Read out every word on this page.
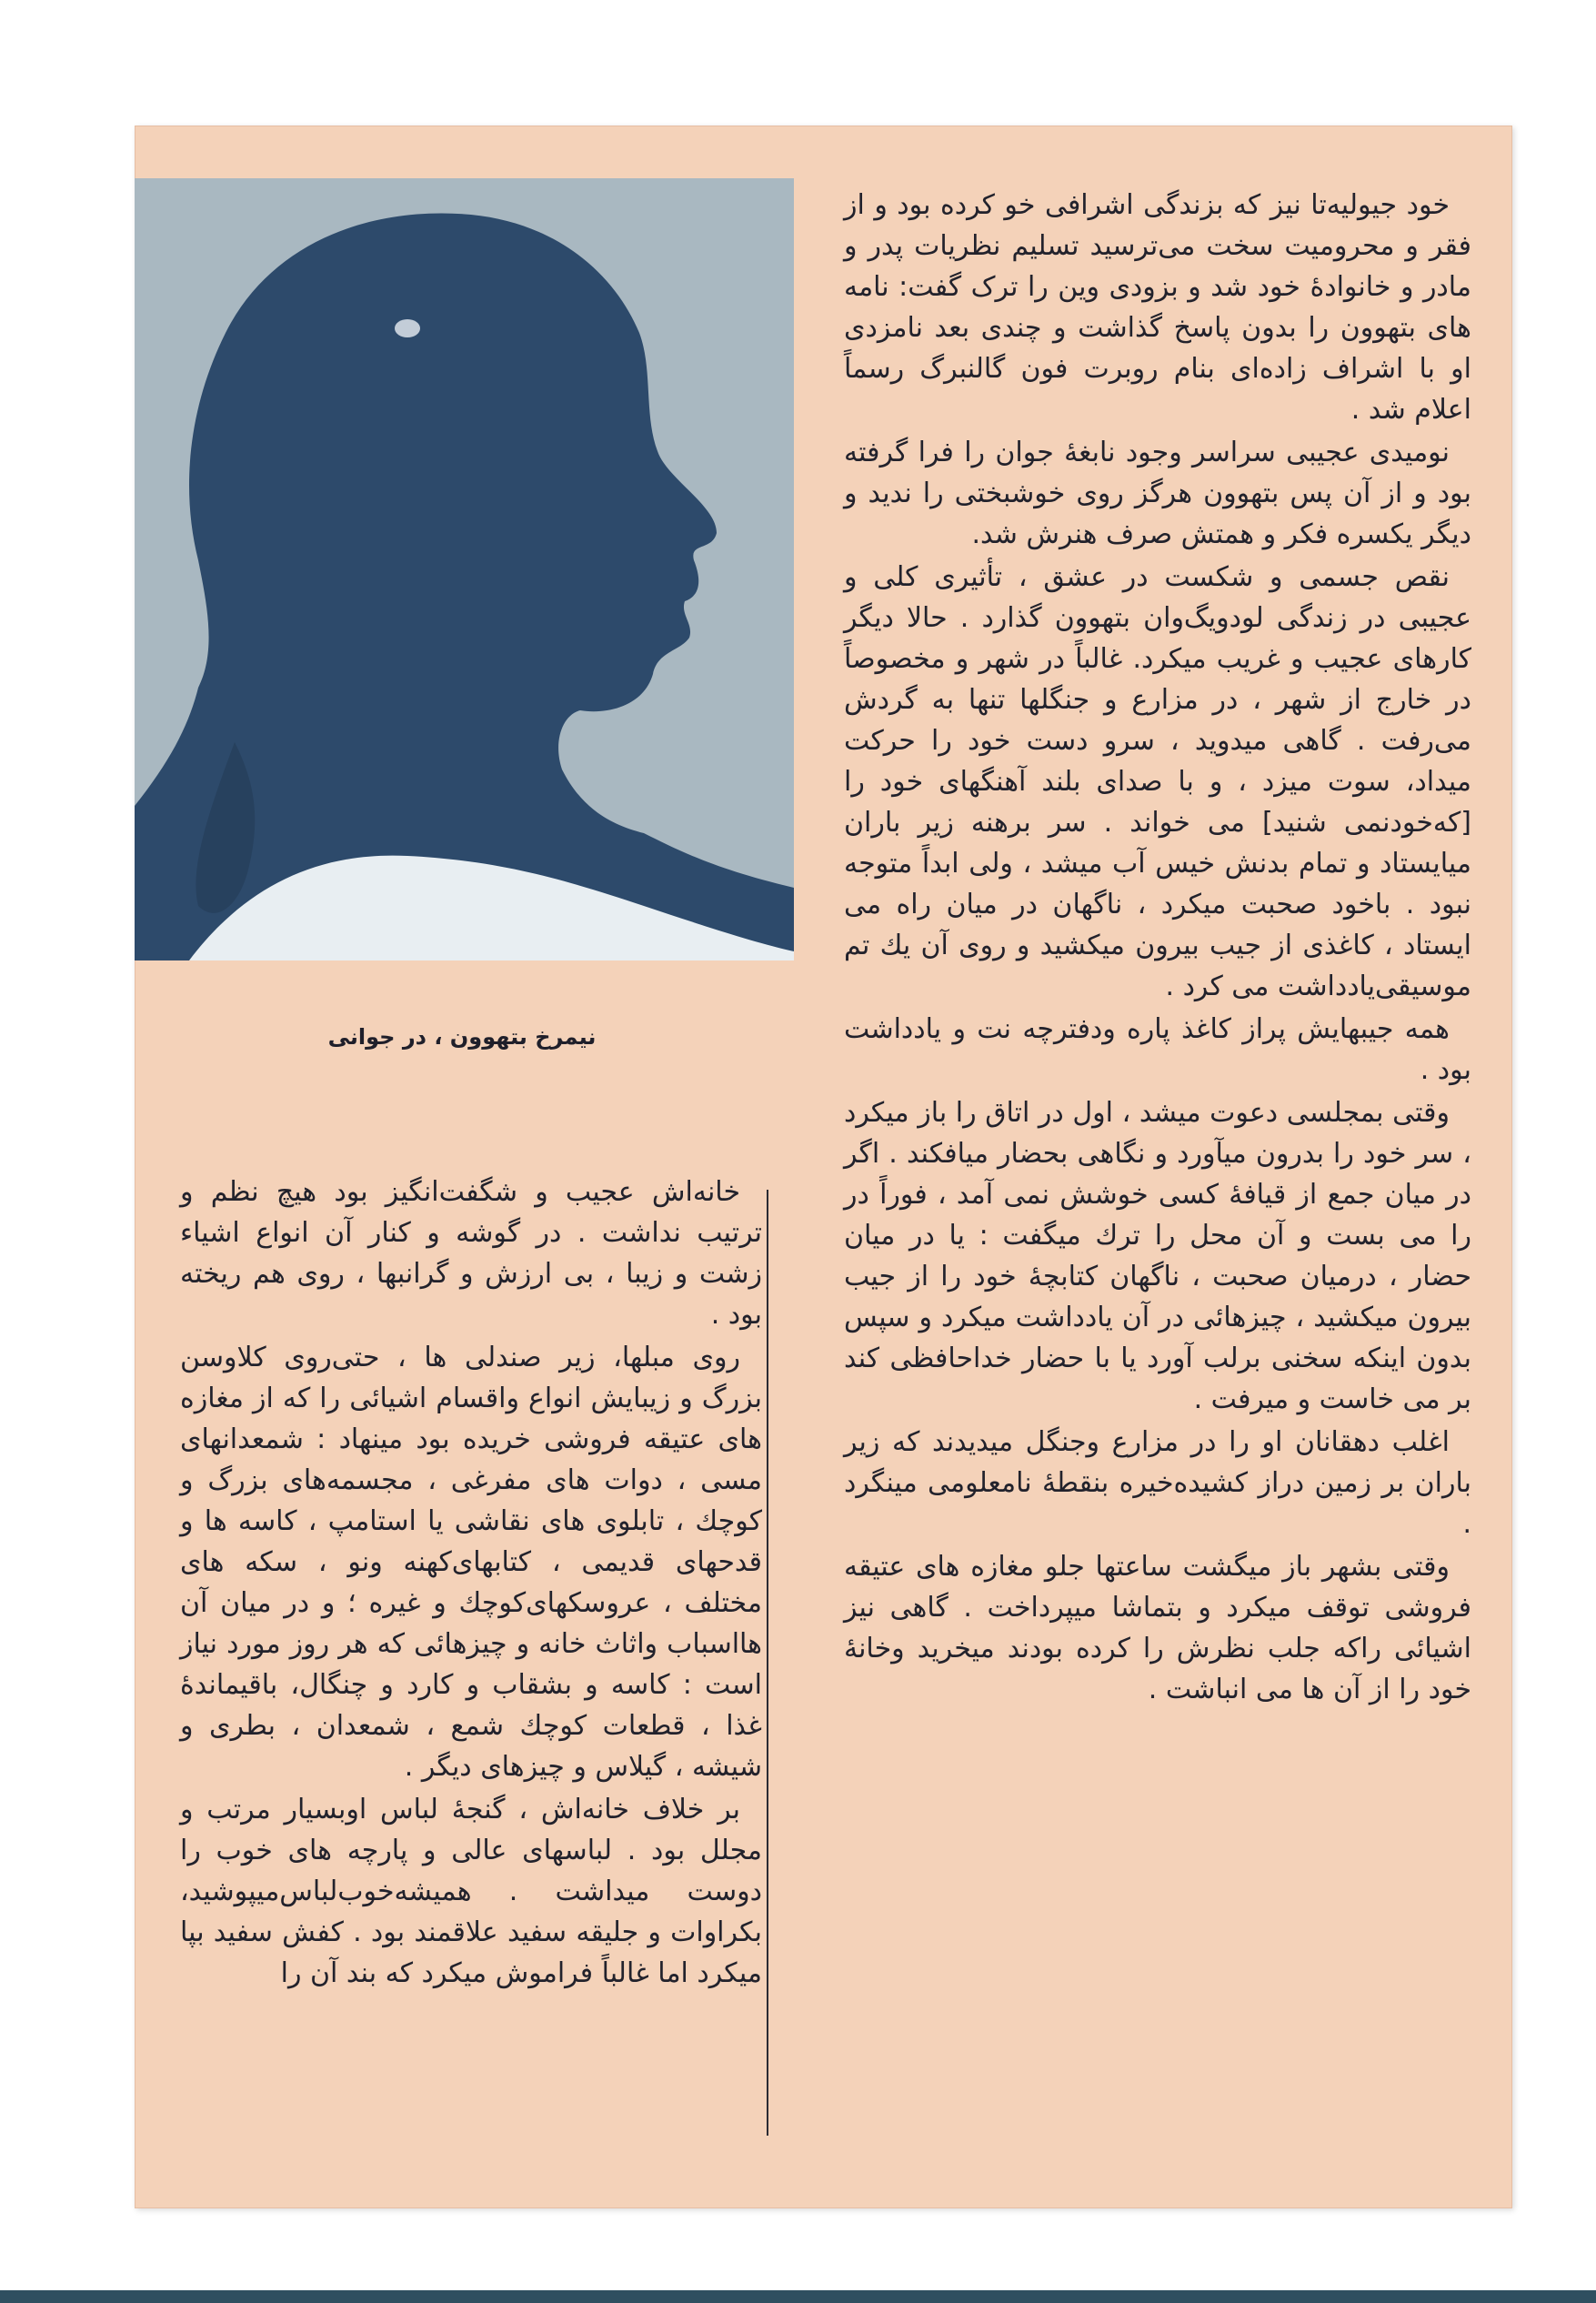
نیمرخ بتهوون ، در جوانی

خود جیولیه‌تا نیز که بزندگی اشرافی خو کرده بود و از فقر و محرومیت سخت می‌ترسید تسلیم نظریات پدر و مادر و خانوادهٔ خود شد و بزودی وین را ترک گفت: نامه های بتهوون را بدون پاسخ گذاشت و چندی بعد نامزدی او با اشراف زاده‌ای بنام روبرت فون گالنبرگ رسماً اعلام شد .

نومیدی عجیبی سراسر وجود نابغهٔ جوان را فرا گرفته بود و از آن پس بتهوون هرگز روی خوشبختی را ندید و دیگر یکسره فکر و همتش صرف هنرش شد.

نقص جسمی و شکست در عشق ، تأثیری کلی و عجیبی در زندگی لودویگ‌وان بتهوون گذارد . حالا دیگر کارهای عجیب و غریب میکرد. غالباً در شهر و مخصوصاً در خارج از شهر ، در مزارع و جنگلها تنها به گردش می‌رفت . گاهی میدوید ، سرو دست خود را حرکت میداد، سوت میزد ، و با صدای بلند آهنگهای خود را [که‌خودنمی شنید] می خواند . سر برهنه زیر باران میایستاد و تمام بدنش خیس آب میشد ، ولی ابداً متوجه نبود . باخود صحبت میکرد ، ناگهان در میان راه می ایستاد ، کاغذی از جیب بیرون میکشید و روی آن یك تم موسیقی‌یادداشت می کرد .

همه جیبهایش پراز کاغذ پاره ودفترچه نت و یادداشت بود .

وقتی بمجلسی دعوت میشد ، اول در اتاق را باز میکرد ، سر خود را بدرون میآورد و نگاهی بحضار میافکند . اگر در میان جمع از قیافهٔ کسی خوشش نمی آمد ، فوراً در را می بست و آن محل را ترك میگفت : یا در میان حضار ، درمیان صحبت ، ناگهان کتابچهٔ خود را از جیب بیرون میکشید ، چیزهائی در آن یادداشت میکرد و سپس بدون اینکه سخنی برلب آورد یا با حضار خداحافظی کند بر می خاست و میرفت .

اغلب دهقانان او را در مزارع وجنگل میدیدند که زیر باران بر زمین دراز کشیده‌خیره بنقطهٔ نامعلومی مینگرد .

وقتی بشهر باز میگشت ساعتها جلو مغازه های عتیقه فروشی توقف میکرد و بتماشا میپرداخت . گاهی نیز اشیائی راکه جلب نظرش را کرده بودند میخرید وخانهٔ خود را از آن ها می انباشت .

خانه‌اش عجیب و شگفت‌انگیز بود هیچ نظم و ترتیب نداشت . در گوشه و کنار آن انواع اشیاء زشت و زیبا ، بی ارزش و گرانبها ، روی هم ریخته بود .

روی مبلها، زیر صندلی ها ، حتی‌روی کلاوسن بزرگ و زیبایش انواع واقسام اشیائی را که از مغازه های عتیقه فروشی خریده بود مینهاد : شمعدانهای مسی ، دوات های مفرغی ، مجسمه‌های بزرگ و کوچك ، تابلوی های نقاشی یا استامپ ، کاسه ها و قدحهای قدیمی ، کتابهای‌کهنه ونو ، سکه های مختلف ، عروسکهای‌کوچك و غیره ؛ و در میان آن هااسباب واثاث خانه و چیزهائی که هر روز مورد نیاز است : کاسه و بشقاب و کارد و چنگال، باقیماندهٔ غذا ، قطعات کوچك شمع ، شمعدان ، بطری و شیشه ، گیلاس و چیزهای دیگر .

بر خلاف خانه‌اش ، گنجهٔ لباس اوبسیار مرتب و مجلل بود . لباسهای عالی و پارچه های خوب را دوست میداشت . همیشه‌خوب‌لباس‌میپوشید، بکراوات و جلیقه سفید علاقمند بود . کفش سفید بپا میکرد اما غالباً فراموش میکرد که بند آن را
